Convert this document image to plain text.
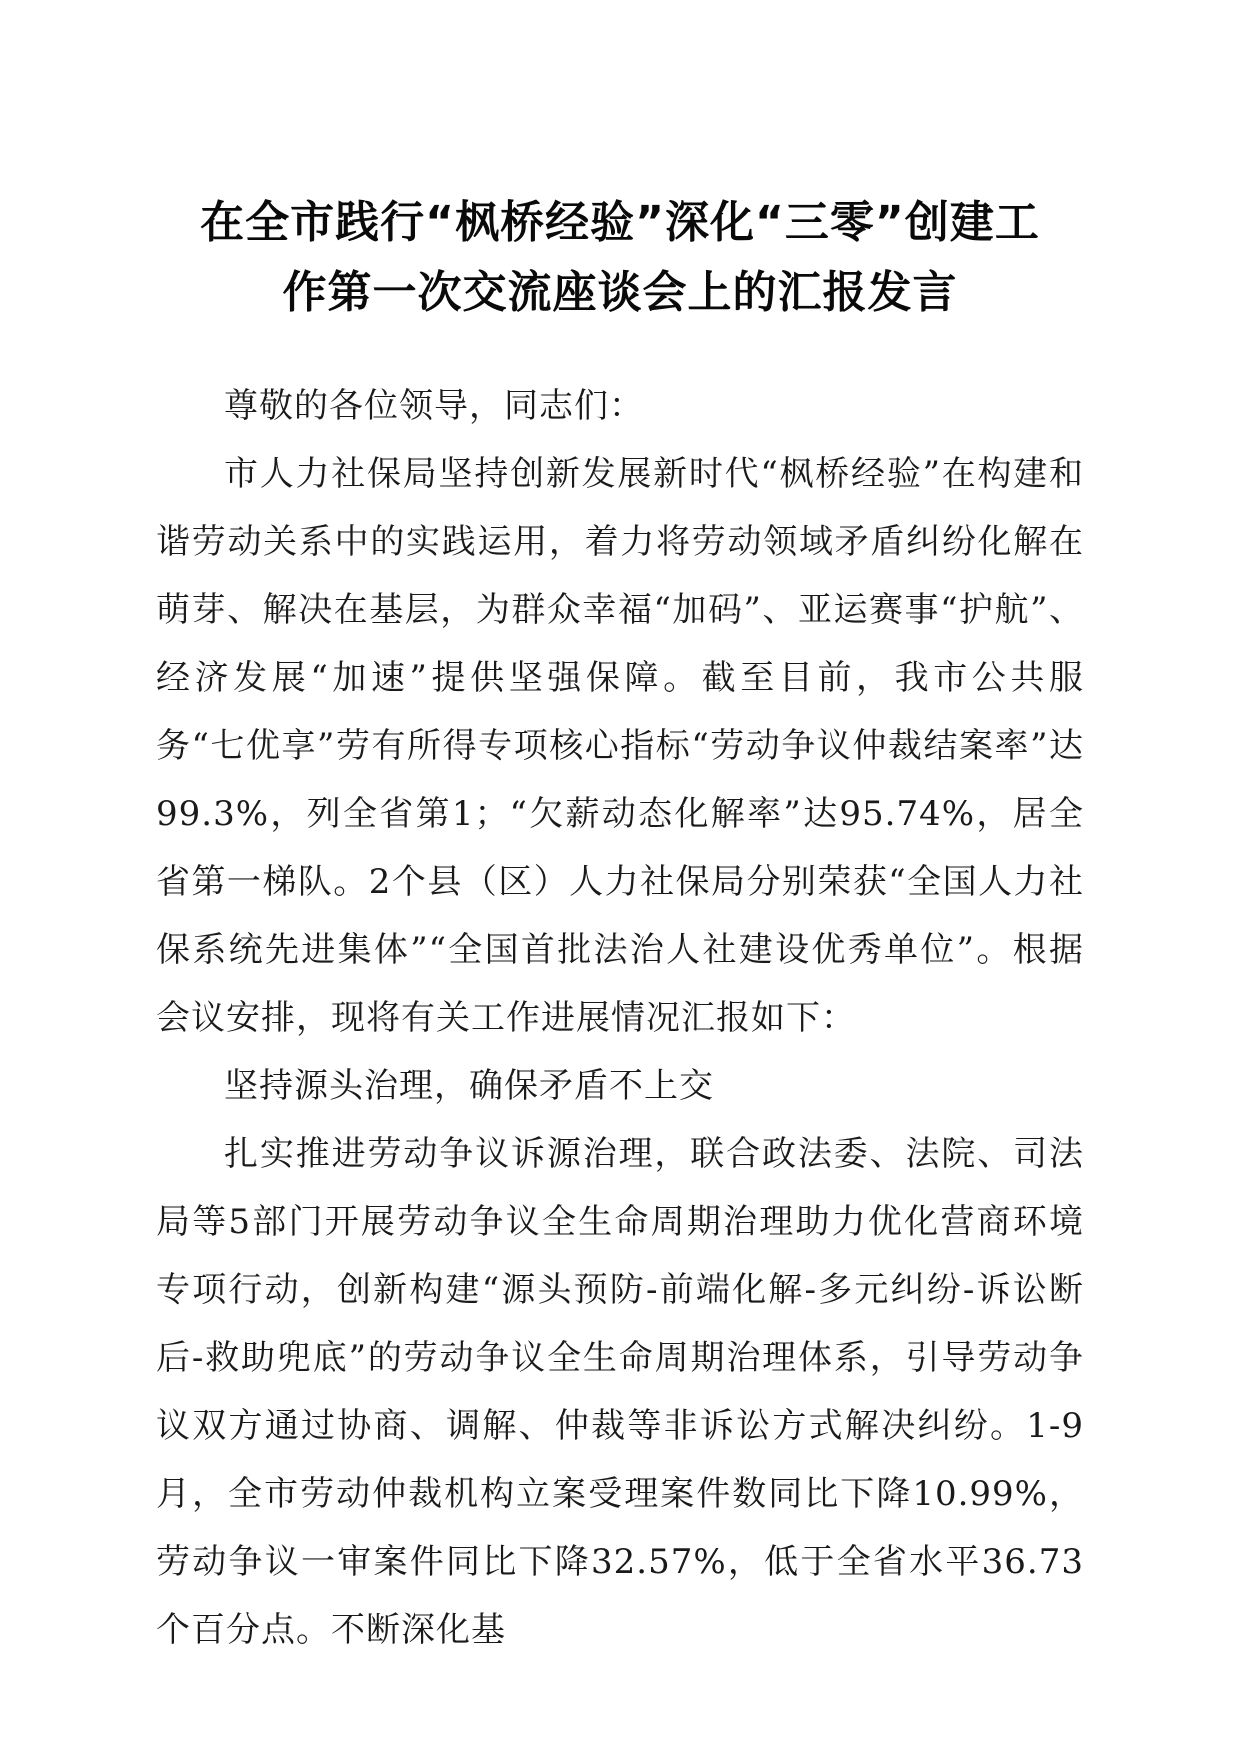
在全市践行“枫桥经验”深化“三零”创建工
作第一次交流座谈会上的汇报发言

尊敬的各位领导，同志们：

市人力社保局坚持创新发展新时代“枫桥经验”在构建和谐劳动关系中的实践运用，着力将劳动领域矛盾纠纷化解在萌芽、解决在基层，为群众幸福“加码”、亚运赛事“护航”、经济发展“加速”提供坚强保障。截至目前，我市公共服务“七优享”劳有所得专项核心指标“劳动争议仲裁结案率”达99.3%，列全省第1；“欠薪动态化解率”达95.74%，居全省第一梯队。2个县（区）人力社保局分别荣获“全国人力社保系统先进集体”“全国首批法治人社建设优秀单位”。根据会议安排，现将有关工作进展情况汇报如下：

坚持源头治理，确保矛盾不上交

扎实推进劳动争议诉源治理，联合政法委、法院、司法局等5部门开展劳动争议全生命周期治理助力优化营商环境专项行动，创新构建“源头预防-前端化解-多元纠纷-诉讼断后-救助兜底”的劳动争议全生命周期治理体系，引导劳动争议双方通过协商、调解、仲裁等非诉讼方式解决纠纷。1-9月，全市劳动仲裁机构立案受理案件数同比下降10.99%，劳动争议一审案件同比下降32.57%，低于全省水平36.73个百分点。不断深化基
